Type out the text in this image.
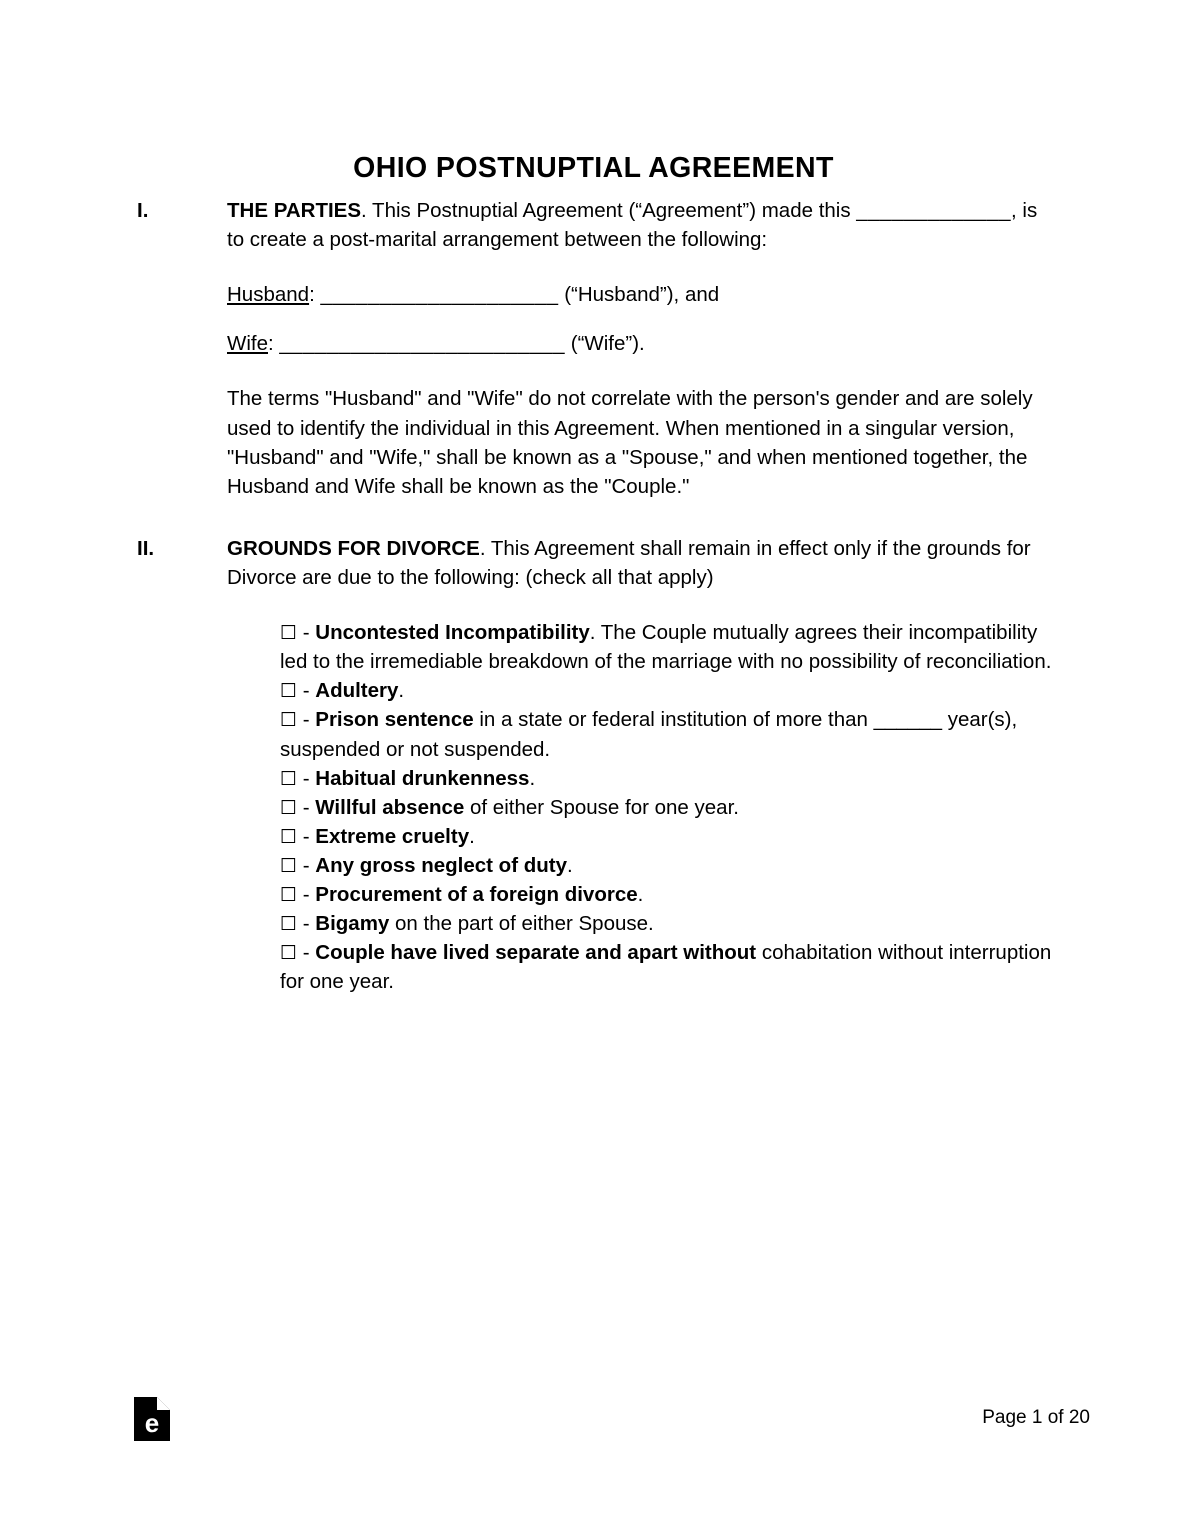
OHIO POSTNUPTIAL AGREEMENT
I.	THE PARTIES. This Postnuptial Agreement (“Agreement”) made this _____________, is to create a post-marital arrangement between the following:

Husband: ____________________ (“Husband”), and

Wife: ________________________ (“Wife”).

The terms "Husband" and "Wife" do not correlate with the person's gender and are solely used to identify the individual in this Agreement. When mentioned in a singular version, "Husband" and "Wife," shall be known as a "Spouse," and when mentioned together, the Husband and Wife shall be known as the "Couple."

II.	GROUNDS FOR DIVORCE. This Agreement shall remain in effect only if the grounds for Divorce are due to the following: (check all that apply)

☐ - Uncontested Incompatibility. The Couple mutually agrees their incompatibility led to the irremediable breakdown of the marriage with no possibility of reconciliation.

☐ - Adultery.

☐ - Prison sentence in a state or federal institution of more than ______ year(s), suspended or not suspended.

☐ - Habitual drunkenness.

☐ - Willful absence of either Spouse for one year.

☐ - Extreme cruelty.

☐ - Any gross neglect of duty.

☐ - Procurement of a foreign divorce.

☐ - Bigamy on the part of either Spouse.

☐ - Couple have lived separate and apart without cohabitation without interruption for one year.

e	Page 1 of 20
